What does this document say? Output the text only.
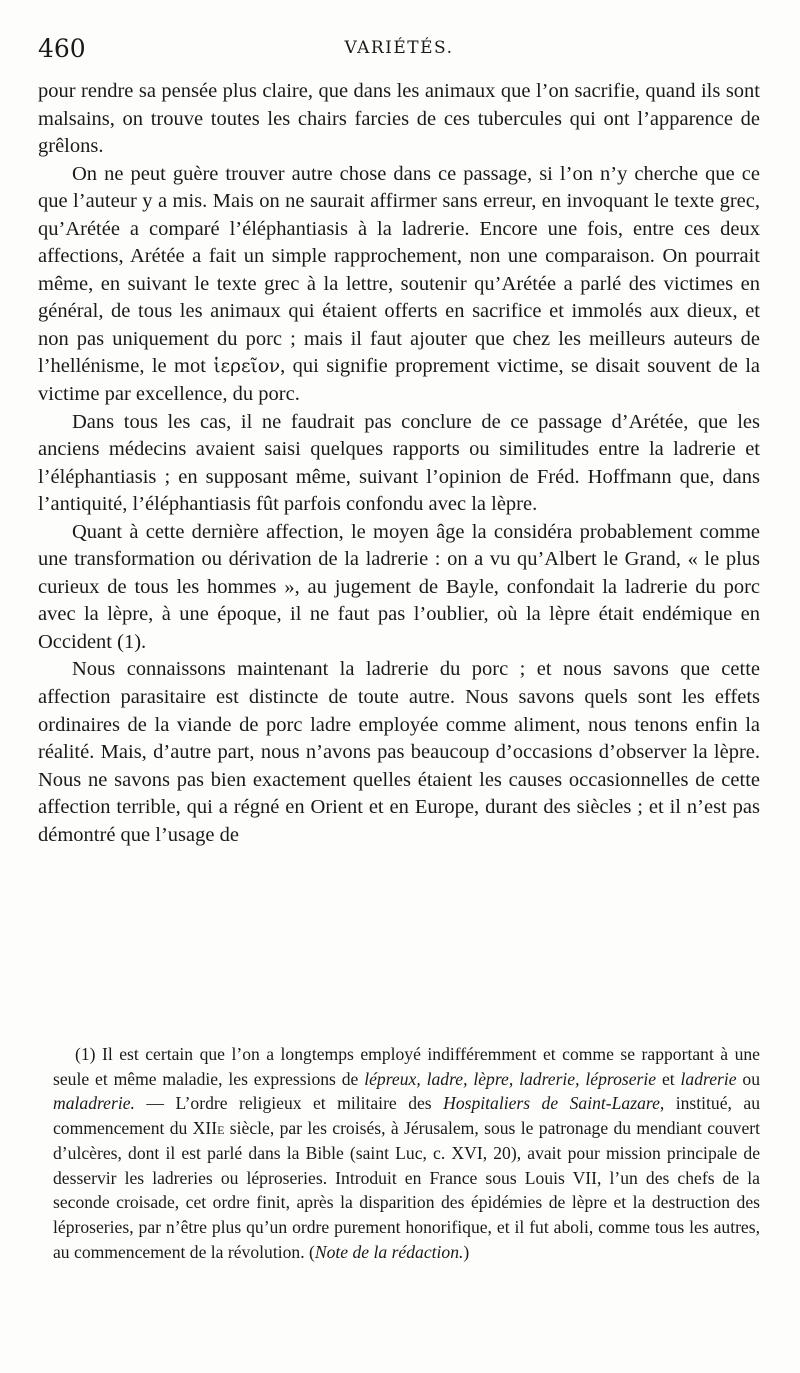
460	VARIÉTÉS.

pour rendre sa pensée plus claire, que dans les animaux que l’on sacrifie, quand ils sont malsains, on trouve toutes les chairs farcies de ces tubercules qui ont l’apparence de grêlons.

On ne peut guère trouver autre chose dans ce passage, si l’on n’y cherche que ce que l’auteur y a mis. Mais on ne saurait affirmer sans erreur, en invoquant le texte grec, qu’Arétée a comparé l’éléphantiasis à la ladrerie. Encore une fois, entre ces deux affections, Arétée a fait un simple rapprochement, non une comparaison. On pourrait même, en suivant le texte grec à la lettre, soutenir qu’Arétée a parlé des victimes en général, de tous les animaux qui étaient offerts en sacrifice et immolés aux dieux, et non pas uniquement du porc ; mais il faut ajouter que chez les meilleurs auteurs de l’hellénisme, le mot ἱερεῖον, qui signifie proprement victime, se disait souvent de la victime par excellence, du porc.

Dans tous les cas, il ne faudrait pas conclure de ce passage d’Arétée, que les anciens médecins avaient saisi quelques rapports ou similitudes entre la ladrerie et l’éléphantiasis ; en supposant même, suivant l’opinion de Fréd. Hoffmann que, dans l’antiquité, l’éléphantiasis fût parfois confondu avec la lèpre.

Quant à cette dernière affection, le moyen âge la considéra probablement comme une transformation ou dérivation de la ladrerie : on a vu qu’Albert le Grand, « le plus curieux de tous les hommes », au jugement de Bayle, confondait la ladrerie du porc avec la lèpre, à une époque, il ne faut pas l’oublier, où la lèpre était endémique en Occident (1).

Nous connaissons maintenant la ladrerie du porc ; et nous savons que cette affection parasitaire est distincte de toute autre. Nous savons quels sont les effets ordinaires de la viande de porc ladre employée comme aliment, nous tenons enfin la réalité. Mais, d’autre part, nous n’avons pas beaucoup d’occasions d’observer la lèpre. Nous ne savons pas bien exactement quelles étaient les causes occasionnelles de cette affection terrible, qui a régné en Orient et en Europe, durant des siècles ; et il n’est pas démontré que l’usage de

(1) Il est certain que l’on a longtemps employé indifféremment et comme se rapportant à une seule et même maladie, les expressions de lépreux, ladre, lèpre, ladrerie, léproserie et ladrerie ou maladrerie. — L’ordre religieux et militaire des Hospitaliers de Saint-Lazare, institué, au commencement du XIIe siècle, par les croisés, à Jérusalem, sous le patronage du mendiant couvert d’ulcères, dont il est parlé dans la Bible (saint Luc, c. XVI, 20), avait pour mission principale de desservir les ladreries ou léproseries. Introduit en France sous Louis VII, l’un des chefs de la seconde croisade, cet ordre finit, après la disparition des épidémies de lèpre et la destruction des léproseries, par n’être plus qu’un ordre purement honorifique, et il fut aboli, comme tous les autres, au commencement de la révolution. (Note de la rédaction.)
